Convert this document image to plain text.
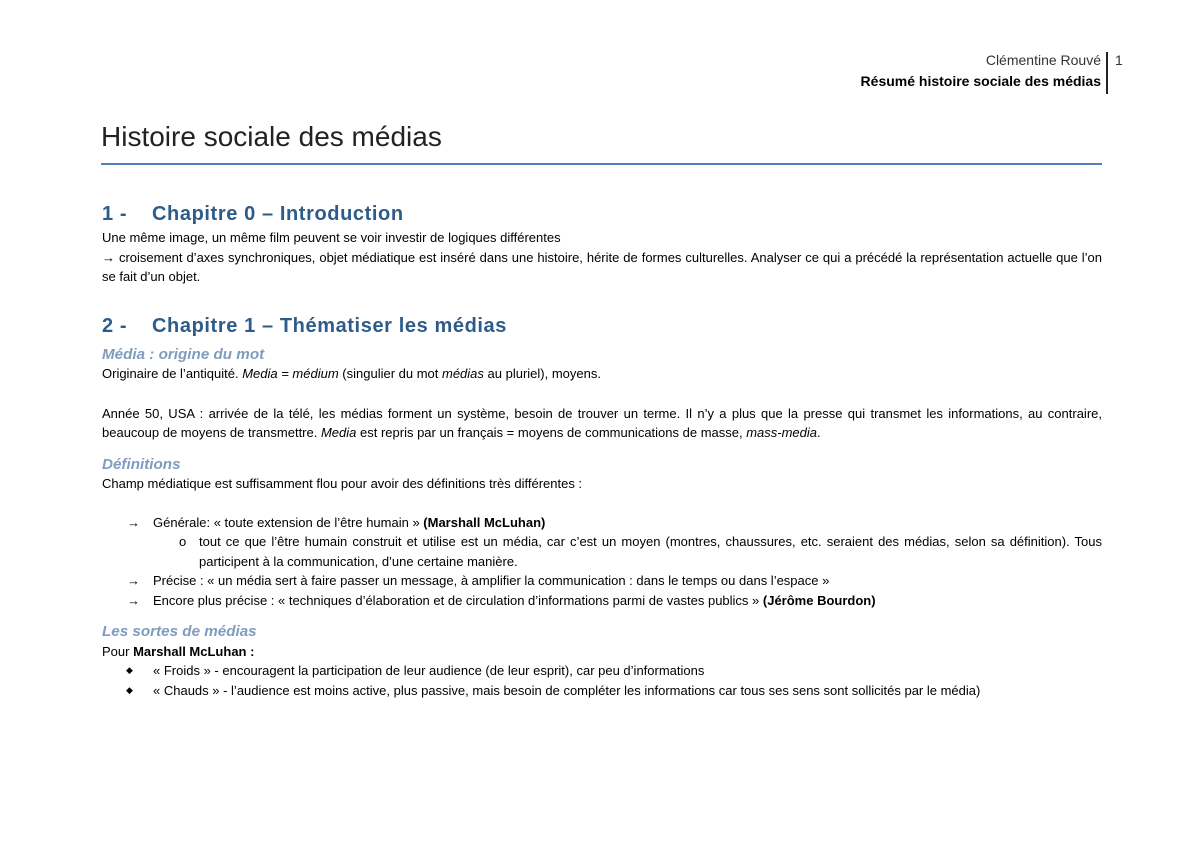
Clémentine Rouvé
Résumé histoire sociale des médias
1
Histoire sociale des médias
1 - Chapitre 0 – Introduction

Une même image, un même film peuvent se voir investir de logiques différentes

→ croisement d’axes synchroniques, objet médiatique est inséré dans une histoire, hérite de formes culturelles. Analyser ce qui a précédé la représentation actuelle que l’on se fait d’un objet.

2 - Chapitre 1 – Thématiser les médias
Média : origine du mot

Originaire de l’antiquité. Media = médium (singulier du mot médias au pluriel), moyens.

Année 50, USA : arrivée de la télé, les médias forment un système, besoin de trouver un terme. Il n’y a plus que la presse qui transmet les informations, au contraire, beaucoup de moyens de transmettre. Media est repris par un français = moyens de communications de masse, mass-media.

Définitions

Champ médiatique est suffisamment flou pour avoir des définitions très différentes :

→ Générale: « toute extension de l’être humain » (Marshall McLuhan)
o tout ce que l’être humain construit et utilise est un média, car c’est un moyen (montres, chaussures, etc. seraient des médias, selon sa définition). Tous participent à la communication, d’une certaine manière.
→ Précise : « un média sert à faire passer un message, à amplifier la communication : dans le temps ou dans l’espace »
→ Encore plus précise : « techniques d’élaboration et de circulation d’informations parmi de vastes publics » (Jérôme Bourdon)
Les sortes de médias

Pour Marshall McLuhan :

◆ « Froids » - encouragent la participation de leur audience (de leur esprit), car peu d’informations
◆ « Chauds » - l’audience est moins active, plus passive, mais besoin de compléter les informations car tous ses sens sont sollicités par le média)
